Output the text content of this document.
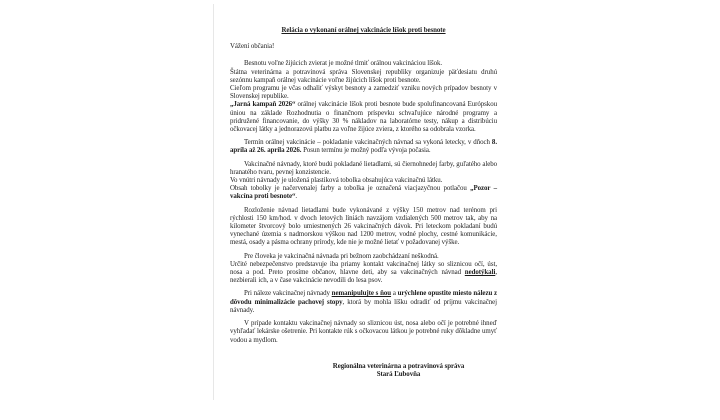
Relácia o vykonaní orálnej vakcinácie líšok proti besnote
Vážení občania!

Besnotu voľne žijúcich zvierat je možné tlmiť orálnou vakcináciou líšok.

Štátna veterinárna a potravinová správa Slovenskej republiky organizuje päťdesiatu druhú sezónnu kampaň orálnej vakcinácie voľne žijúcich líšok proti besnote.

Cieľom programu je včas odhaliť výskyt besnoty a zamedziť vzniku nových prípadov besnoty v Slovenskej republike.

„Jarná kampaň 2026“ orálnej vakcinácie líšok proti besnote bude spolufinancovaná Európskou úniou na základe Rozhodnutia o finančnom príspevku schvaľujúce národné programy a pridružené financovanie, do výšky 30 % nákladov na laboratórne testy, nákup a distribúciu očkovacej látky a jednorazovú platbu za voľne žijúce zviera, z ktorého sa odobrala vzorka.

Termín orálnej vakcinácie – pokladanie vakcinačných návnad sa vykoná letecky, v dňoch 8. apríla až 26. apríla 2026. Posun termínu je možný podľa vývoja počasia.

Vakcinačné návnady, ktoré budú pokladané lietadlami, sú čiernohnedej farby, guľatého alebo hranatého tvaru, pevnej konzistencie.

Vo vnútri návnady je uložená plastiková tobolka obsahujúca vakcinačnú látku.

Obsah tobolky je načervenalej farby a tobolka je označená viacjazyčnou potlačou „Pozor – vakcína proti besnote“.

Rozloženie návnad lietadlami bude vykonávané z výšky 150 metrov nad terénom pri rýchlosti 150 km/hod. v dvoch letových líniách navzájom vzdialených 500 metrov tak, aby na kilometer štvorcový bolo umiestnených 26 vakcinačných dávok. Pri leteckom pokladaní budú vynechané územia s nadmorskou výškou nad 1200 metrov, vodné plochy, cestné komunikácie, mestá, osady a pásma ochrany prírody, kde nie je možné lietať v požadovanej výške.

Pre človeka je vakcinačná návnada pri bežnom zaobchádzaní neškodná.

Určité nebezpečenstvo predstavuje iba priamy kontakt vakcinačnej látky so sliznicou očí, úst, nosa a pod. Preto prosíme občanov, hlavne deti, aby sa vakcinačných návnad nedotýkali, nezbierali ich, a v čase vakcinácie nevodili do lesa psov.

Pri náleze vakcinačnej návnady nemanipulujte s ňou a urýchlene opustite miesto nálezu z dôvodu minimalizácie pachovej stopy, ktorá by mohla líšku odradiť od príjmu vakcinačnej návnady.

V prípade kontaktu vakcinačnej návnady so sliznicou úst, nosa alebo očí je potrebné ihneď vyhľadať lekárske ošetrenie. Pri kontakte rúk s očkovacou látkou je potrebné ruky dôkladne umyť vodou a mydlom.

Regionálna veterinárna a potravinová správa
Stará Ľubovňa
